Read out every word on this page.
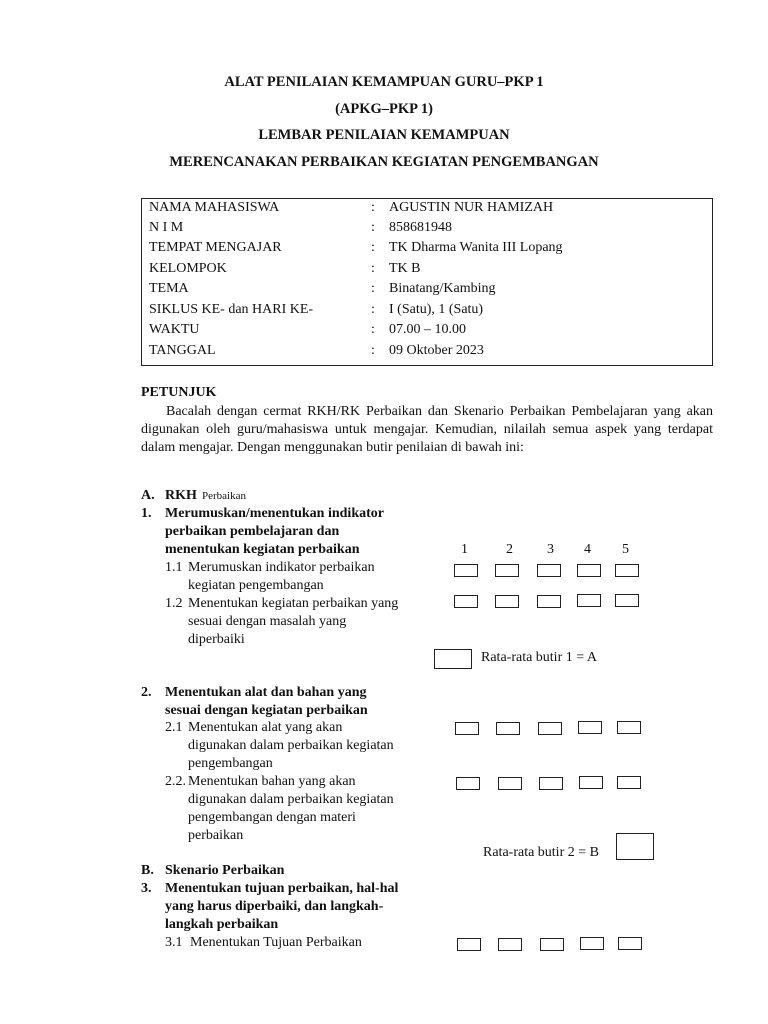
ALAT PENILAIAN KEMAMPUAN GURU–PKP 1
(APKG–PKP 1)
LEMBAR PENILAIAN KEMAMPUAN
MERENCANAKAN PERBAIKAN KEGIATAN PENGEMBANGAN
NAMA MAHASISWA	: AGUSTIN NUR HAMIZAH
N I M	: 858681948
TEMPAT MENGAJAR	: TK Dharma Wanita III Lopang
KELOMPOK	: TK B
TEMA	: Binatang/Kambing
SIKLUS KE- dan HARI KE-	: I (Satu), 1 (Satu)
WAKTU	: 07.00 – 10.00
TANGGAL	: 09 Oktober 2023
PETUNJUK
Bacalah dengan cermat RKH/RK Perbaikan dan Skenario Perbaikan Pembelajaran yang akan digunakan oleh guru/mahasiswa untuk mengajar. Kemudian, nilailah semua aspek yang terdapat dalam mengajar. Dengan menggunakan butir penilaian di bawah ini:
A. RKH Perbaikan
1. Merumuskan/menentukan indikator
perbaikan pembelajaran dan
menentukan kegiatan perbaikan	1	2 3 4 5
1.1 Merumuskan indikator perbaikan
kegiatan pengembangan
1.2 Menentukan kegiatan perbaikan yang
sesuai dengan masalah yang
diperbaiki
Rata-rata butir 1 = A
2. Menentukan alat dan bahan yang
sesuai dengan kegiatan perbaikan
2.1 Menentukan alat yang akan
digunakan dalam perbaikan kegiatan
pengembangan
2.2. Menentukan bahan yang akan
digunakan dalam perbaikan kegiatan
pengembangan dengan materi
perbaikan
Rata-rata butir 2 = B
B. Skenario Perbaikan
3. Menentukan tujuan perbaikan, hal-hal
yang harus diperbaiki, dan langkah-
langkah perbaikan
3.1 Menentukan Tujuan Perbaikan
